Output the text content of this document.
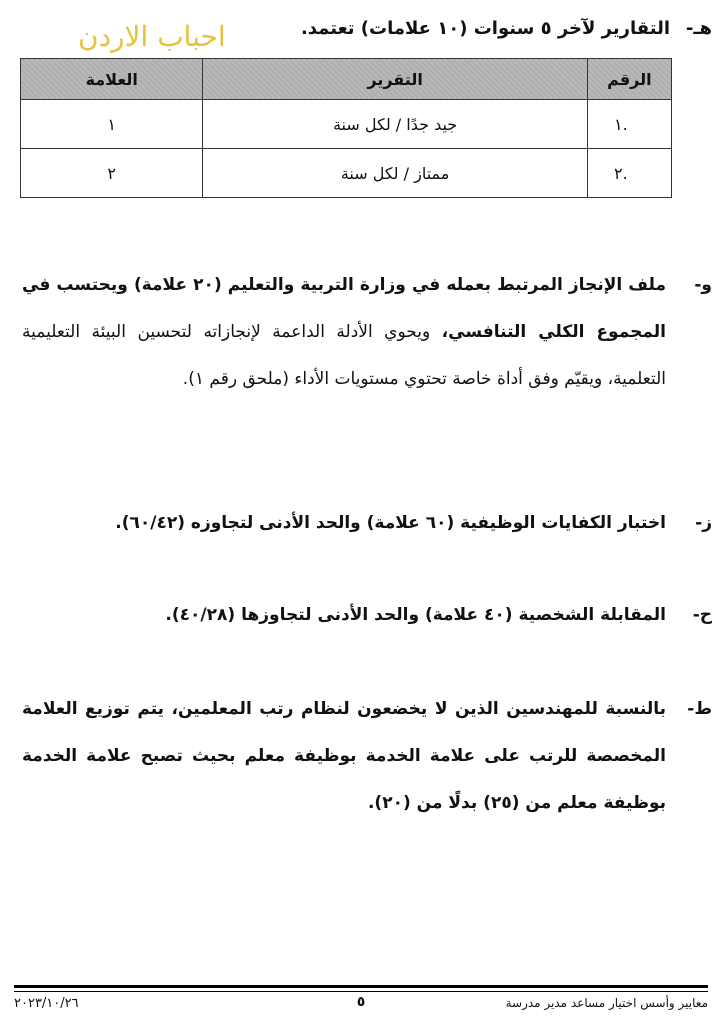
هـ-
التقارير لآخر ٥ سنوات (١٠ علامات) تعتمد.
احباب الاردن
الرقم	التقرير	العلامة
.١	جيد جدًا / لكل سنة	١
.٢	ممتاز / لكل سنة	٢
و-
ملف الإنجاز المرتبط بعمله في وزارة التربية والتعليم (٢٠ علامة) ويحتسب في المجموع الكلي التنافسي، ويحوي الأدلة الداعمة لإنجازاته لتحسين البيئة التعليمية التعلمية، ويقيّم وفق أداة خاصة تحتوي مستويات الأداء (ملحق رقم ١).
ز-
اختبار الكفايات الوظيفية (٦٠ علامة) والحد الأدنى لتجاوزه (٦٠/٤٢).
ح-
المقابلة الشخصية (٤٠ علامة) والحد الأدنى لتجاوزها (٤٠/٢٨).
ط-
بالنسبة للمهندسين الذين لا يخضعون لنظام رتب المعلمين، يتم توزيع العلامة المخصصة للرتب على علامة الخدمة بوظيفة معلم بحيث تصبح علامة الخدمة بوظيفة معلم من (٢٥) بدلًا من (٢٠).
معايير وأسس اختيار مساعد مدير مدرسة
٥
٢٠٢٣/١٠/٢٦
